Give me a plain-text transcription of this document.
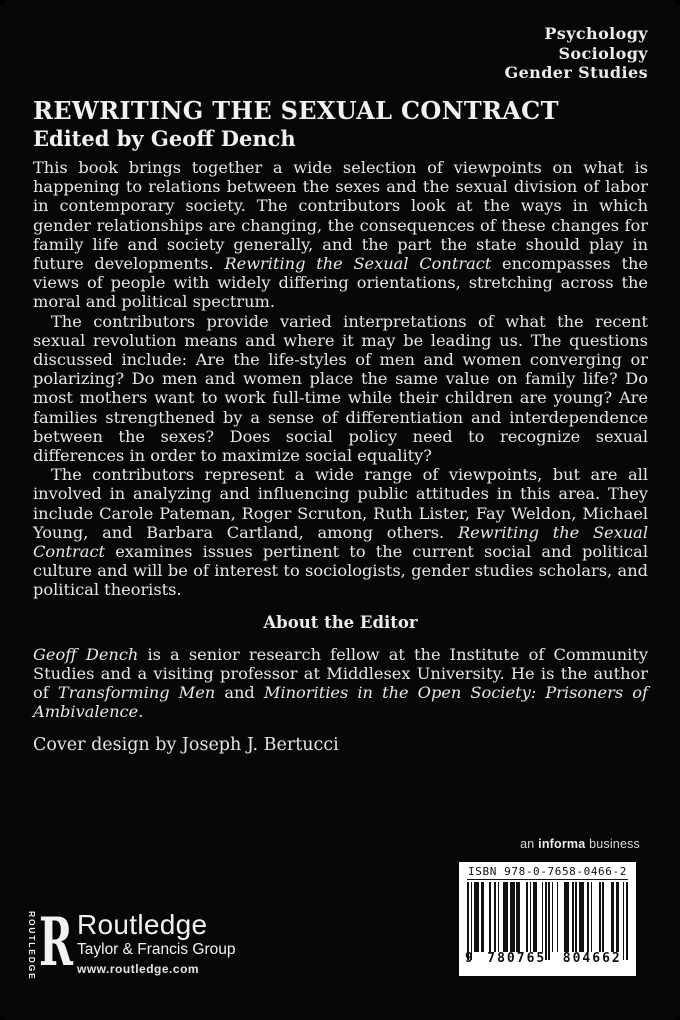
Psychology
Sociology
Gender Studies
REWRITING THE SEXUAL CONTRACT
Edited by Geoff Dench

This book brings together a wide selection of viewpoints on what is happening to relations between the sexes and the sexual division of labor in contemporary society. The contributors look at the ways in which gender relationships are changing, the consequences of these changes for family life and society generally, and the part the state should play in future developments. Rewriting the Sexual Contract encompasses the views of people with widely differing orientations, stretching across the moral and political spectrum.

The contributors provide varied interpretations of what the recent sexual revolution means and where it may be leading us. The questions discussed include: Are the life-styles of men and women converging or polarizing? Do men and women place the same value on family life? Do most mothers want to work full-time while their children are young? Are families strengthened by a sense of differentiation and interdependence between the sexes? Does social policy need to recognize sexual differences in order to maximize social equality?

The contributors represent a wide range of viewpoints, but are all involved in analyzing and influencing public attitudes in this area. They include Carole Pateman, Roger Scruton, Ruth Lister, Fay Weldon, Michael Young, and Barbara Cartland, among others. Rewriting the Sexual Contract examines issues pertinent to the current social and political culture and will be of interest to sociologists, gender studies scholars, and political theorists.

About the Editor

Geoff Dench is a senior research fellow at the Institute of Community Studies and a visiting professor at Middlesex University. He is the author of Transforming Men and Minorities in the Open Society: Prisoners of Ambivalence.

Cover design by Joseph J. Bertucci

an informa business
ISBN 978-0-7658-0466-2
9	780765	804662
ROUTLEDGE R Routledge
Taylor & Francis Group
www.routledge.com
